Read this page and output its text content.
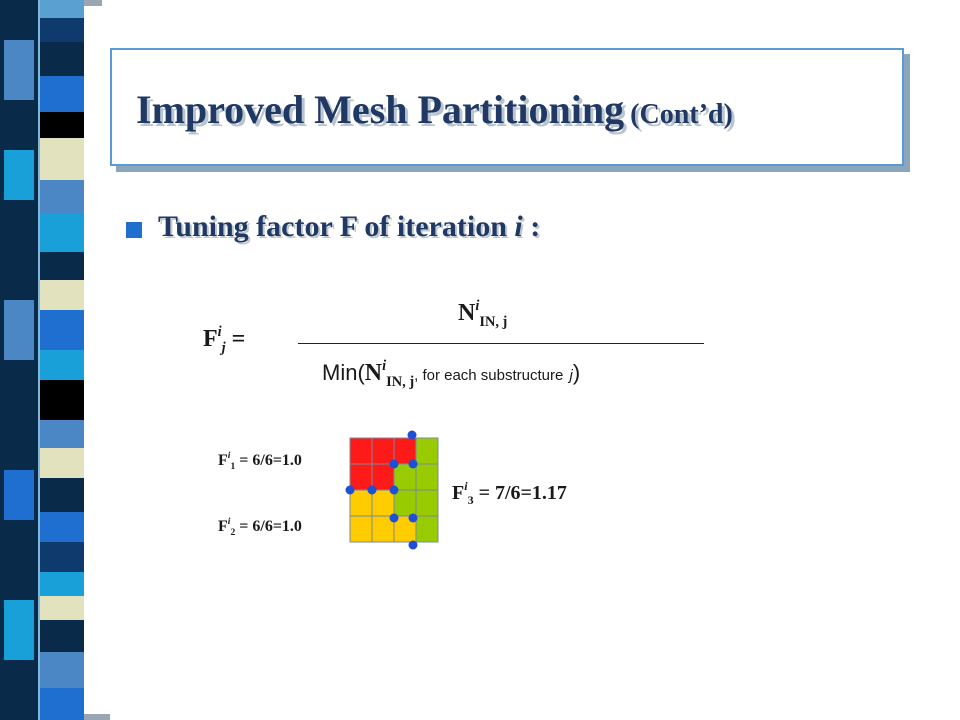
Improved Mesh Partitioning (Cont’d)
Tuning factor F of iteration i :
$F^i_j$ =
$N^i_{IN, j}$
$Min(N^i_{IN, j}$, for each substructure j)
$F^i_1 = 6/6=1.0$
$F^i_2 = 6/6=1.0$
$F^i_3 = 7/6=1.17$
